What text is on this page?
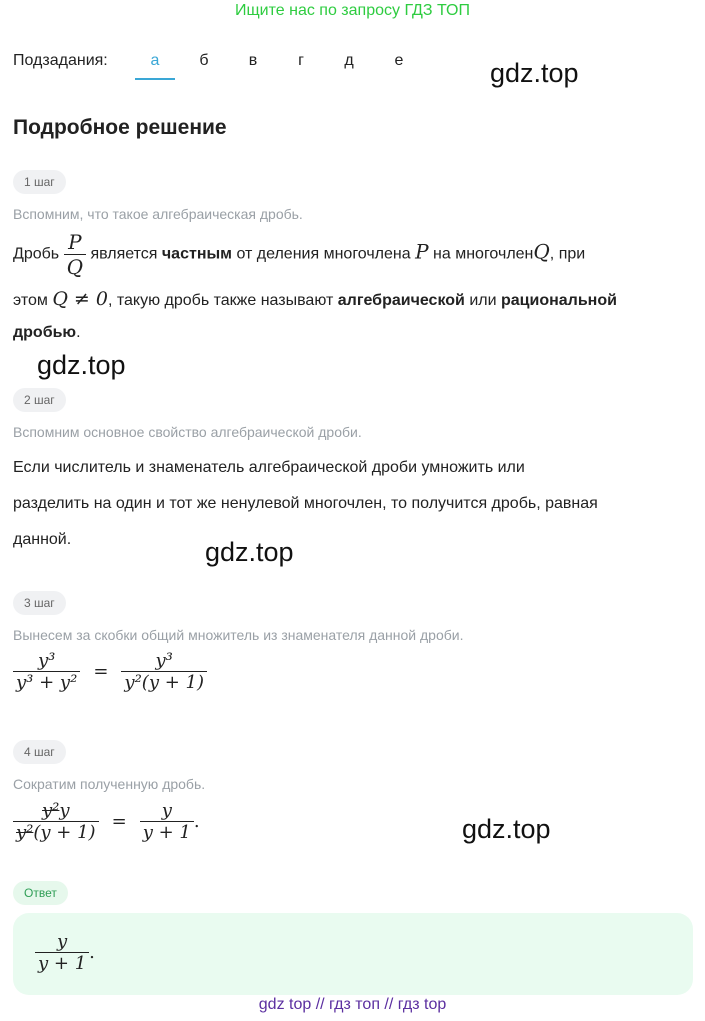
Ищите нас по запросу ГДЗ ТОП
Подзадания:	а	б	в	г	д	е	gdz.top
Подробное решение
1 шаг
Вспомним, что такое алгебраическая дробь.
Дробь $\frac{P}{Q}$ является частным от деления многочлена P на многочленQ, при
этом Q ≠ 0, такую дробь также называют алгебраической или рациональной
дробью.
gdz.top
2 шаг
Вспомним основное свойство алгебраической дроби.
Если числитель и знаменатель алгебраической дроби умножить или
разделить на один и тот же ненулевой многочлен, то получится дробь, равная
данной.	gdz.top
3 шаг
Вынесем за скобки общий множитель из знаменателя данной дроби.
$\frac{\text{y³}}{\text{y³ + y²}} = \frac{\text{y³}}{\text{y²(y + 1)}}$
4 шаг
Сократим полученную дробь.
$\frac{\text{y²y}}{\text{y²(y + 1)}} = \frac{y}{y + 1}$ .	gdz.top
Ответ
$\frac{y}{y + 1}$ .
gdz top // гдз топ // гдз top
